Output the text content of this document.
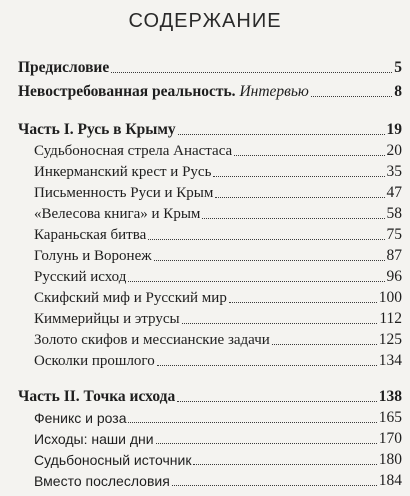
СОДЕРЖАНИЕ
Предисловие	5
Невостребованная реальность. Интервью	8
Часть I. Русь в Крыму	19
Судьбоносная стрела Анастаса	20
Инкерманский крест и Русь	35
Письменность Руси и Крым	47
«Велесова книга» и Крым	58
Караньская битва	75
Голунь и Воронеж	87
Русский исход	96
Скифский миф и Русский мир	100
Киммерийцы и этрусы	112
Золото скифов и мессианские задачи	125
Осколки прошлого	134
Часть II. Точка исхода	138
Феникс и роза	165
Исходы: наши дни	170
Судьбоносный источник	180
Вместо послесловия	184
